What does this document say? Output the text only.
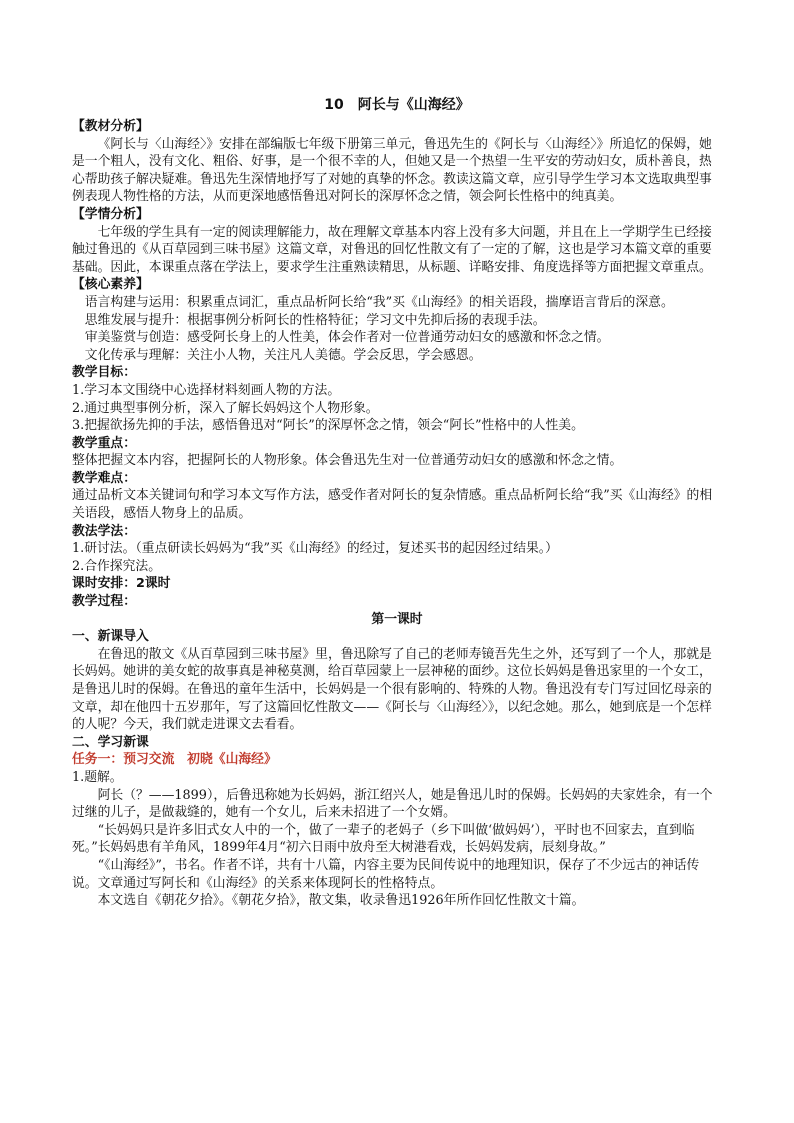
10　阿长与《山海经》

【教材分析】

《阿长与〈山海经〉》安排在部编版七年级下册第三单元，鲁迅先生的《阿长与〈山海经〉》所追忆的保姆，她是一个粗人，没有文化、粗俗、好事，是一个很不幸的人，但她又是一个热望一生平安的劳动妇女，质朴善良，热心帮助孩子解决疑难。鲁迅先生深情地抒写了对她的真挚的怀念。教读这篇文章，应引导学生学习本文选取典型事例表现人物性格的方法，从而更深地感悟鲁迅对阿长的深厚怀念之情，领会阿长性格中的纯真美。

【学情分析】

七年级的学生具有一定的阅读理解能力，故在理解文章基本内容上没有多大问题，并且在上一学期学生已经接触过鲁迅的《从百草园到三味书屋》这篇文章，对鲁迅的回忆性散文有了一定的了解，这也是学习本篇文章的重要基础。因此，本课重点落在学法上，要求学生注重熟读精思，从标题、详略安排、角度选择等方面把握文章重点。

【核心素养】

语言构建与运用：积累重点词汇，重点品析阿长给“我”买《山海经》的相关语段，揣摩语言背后的深意。

思维发展与提升：根据事例分析阿长的性格特征；学习文中先抑后扬的表现手法。

审美鉴赏与创造：感受阿长身上的人性美，体会作者对一位普通劳动妇女的感激和怀念之情。

文化传承与理解：关注小人物，关注凡人美德。学会反思，学会感恩。

教学目标：

1.学习本文围绕中心选择材料刻画人物的方法。

2.通过典型事例分析，深入了解长妈妈这个人物形象。

3.把握欲扬先抑的手法，感悟鲁迅对“阿长”的深厚怀念之情，领会“阿长”性格中的人性美。

教学重点：

整体把握文本内容，把握阿长的人物形象。体会鲁迅先生对一位普通劳动妇女的感激和怀念之情。

教学难点：

通过品析文本关键词句和学习本文写作方法，感受作者对阿长的复杂情感。重点品析阿长给“我”买《山海经》的相关语段，感悟人物身上的品质。

教法学法：

1.研讨法。（重点研读长妈妈为“我”买《山海经》的经过，复述买书的起因经过结果。）

2.合作探究法。

课时安排：2课时

教学过程：

第一课时

一、新课导入

在鲁迅的散文《从百草园到三味书屋》里，鲁迅除写了自己的老师寿镜吾先生之外，还写到了一个人，那就是长妈妈。她讲的美女蛇的故事真是神秘莫测，给百草园蒙上一层神秘的面纱。这位长妈妈是鲁迅家里的一个女工，是鲁迅儿时的保姆。在鲁迅的童年生活中，长妈妈是一个很有影响的、特殊的人物。鲁迅没有专门写过回忆母亲的文章，却在他四十五岁那年，写了这篇回忆性散文——《阿长与〈山海经〉》，以纪念她。那么，她到底是一个怎样的人呢？今天，我们就走进课文去看看。

二、学习新课

任务一：预习交流　初晓《山海经》

1.题解。

阿长（？——1899），后鲁迅称她为长妈妈，浙江绍兴人，她是鲁迅儿时的保姆。长妈妈的夫家姓余，有一个过继的儿子，是做裁缝的，她有一个女儿，后来未招进了一个女婿。

“长妈妈只是许多旧式女人中的一个，做了一辈子的老妈子（乡下叫做‘做妈妈’），平时也不回家去，直到临死。”长妈妈患有羊角风，1899年4月“初六日雨中放舟至大树港看戏，长妈妈发病，辰刻身故。”

“《山海经》”，书名。作者不详，共有十八篇，内容主要为民间传说中的地理知识，保存了不少远古的神话传说。文章通过写阿长和《山海经》的关系来体现阿长的性格特点。

本文选自《朝花夕拾》。《朝花夕拾》，散文集，收录鲁迅1926年所作回忆性散文十篇。
